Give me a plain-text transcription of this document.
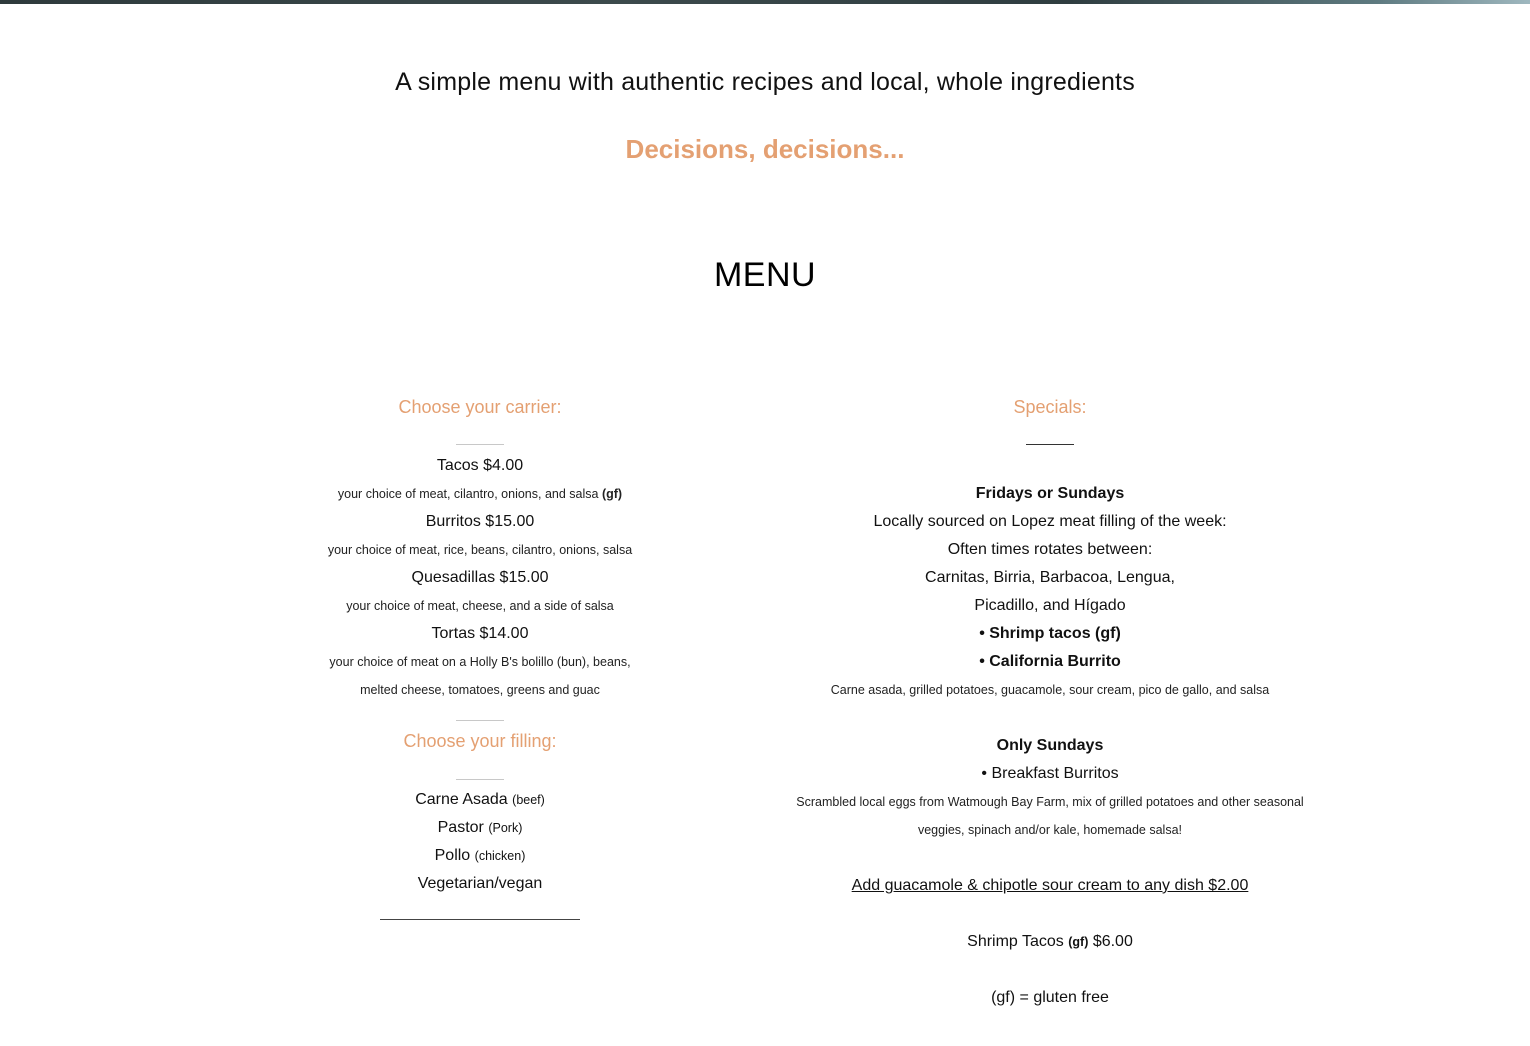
A simple menu with authentic recipes and local, whole ingredients
Decisions, decisions...
MENU
Choose your carrier:
Tacos $4.00
your choice of meat, cilantro, onions, and salsa (gf)
Burritos $15.00
your choice of meat, rice, beans, cilantro, onions, salsa
Quesadillas $15.00
your choice of meat, cheese, and a side of salsa
Tortas $14.00
your choice of meat on a Holly B's bolillo (bun), beans,
melted cheese, tomatoes, greens and guac
Choose your filling:
Carne Asada (beef)
Pastor (Pork)
Pollo (chicken)
Vegetarian/vegan
Specials:
Fridays or Sundays
Locally sourced on Lopez meat filling of the week:
Often times rotates between:
Carnitas, Birria, Barbacoa, Lengua,
Picadillo, and Hígado
• Shrimp tacos (gf)
• California Burrito
Carne asada, grilled potatoes, guacamole, sour cream, pico de gallo, and salsa
Only Sundays
• Breakfast Burritos
Scrambled local eggs from Watmough Bay Farm, mix of grilled potatoes and other seasonal
veggies, spinach and/or kale, homemade salsa!
Add guacamole & chipotle sour cream to any dish $2.00
Shrimp Tacos (gf) $6.00
(gf) = gluten free
